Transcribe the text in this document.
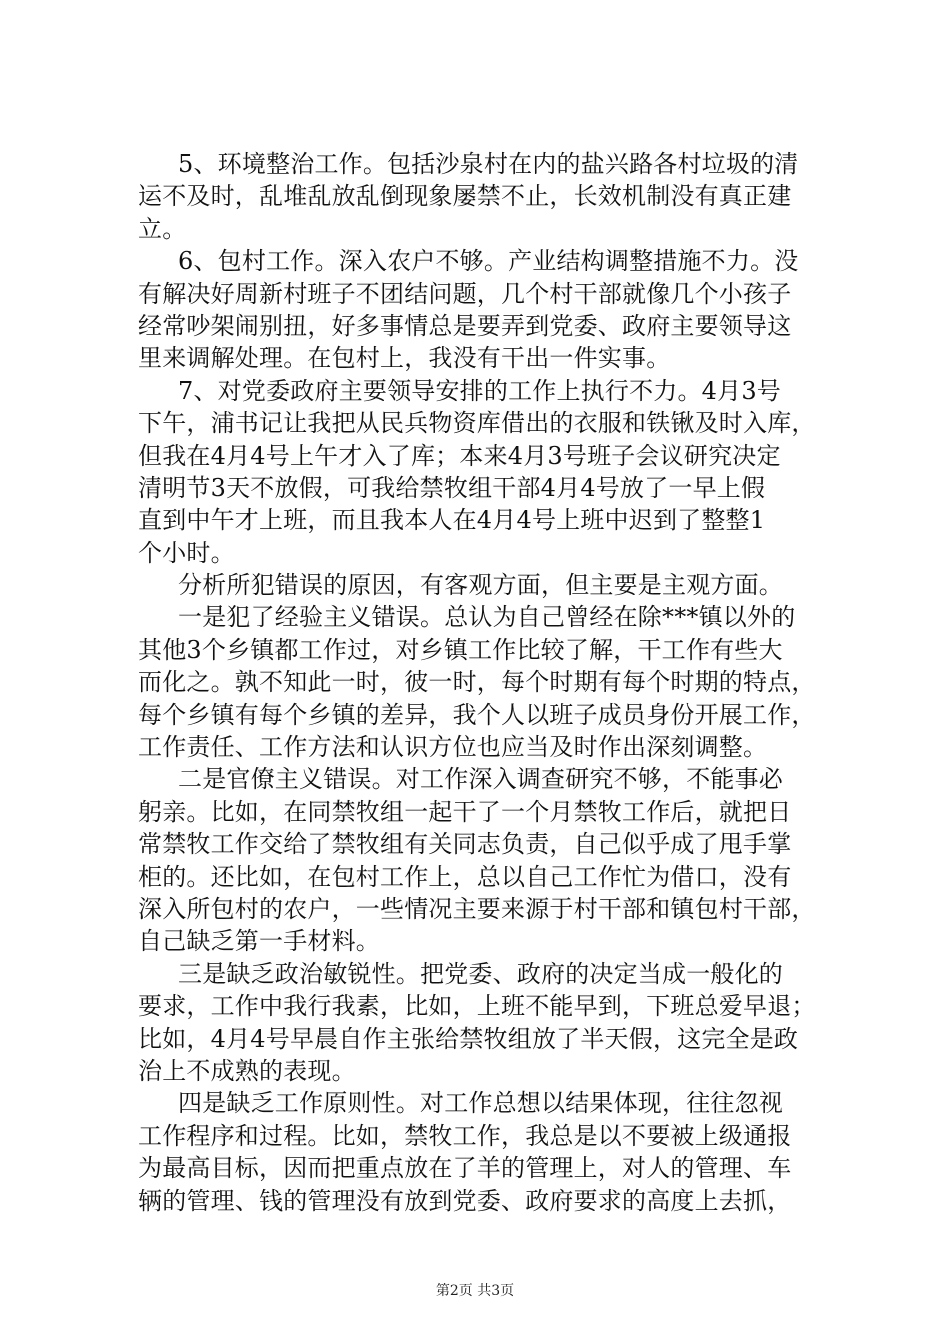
5、环境整治工作。包括沙泉村在内的盐兴路各村垃圾的清
运不及时，乱堆乱放乱倒现象屡禁不止，长效机制没有真正建
立。
6、包村工作。深入农户不够。产业结构调整措施不力。没
有解决好周新村班子不团结问题，几个村干部就像几个小孩子
经常吵架闹别扭，好多事情总是要弄到党委、政府主要领导这
里来调解处理。在包村上，我没有干出一件实事。
7、对党委政府主要领导安排的工作上执行不力。4月3号
下午，浦书记让我把从民兵物资库借出的衣服和铁锹及时入库，
但我在4月4号上午才入了库；本来4月3号班子会议研究决定
清明节3天不放假，可我给禁牧组干部4月4号放了一早上假
直到中午才上班，而且我本人在4月4号上班中迟到了整整1
个小时。
分析所犯错误的原因，有客观方面，但主要是主观方面。
一是犯了经验主义错误。总认为自己曾经在除***镇以外的
其他3个乡镇都工作过，对乡镇工作比较了解，干工作有些大
而化之。孰不知此一时，彼一时，每个时期有每个时期的特点，
每个乡镇有每个乡镇的差异，我个人以班子成员身份开展工作，
工作责任、工作方法和认识方位也应当及时作出深刻调整。
二是官僚主义错误。对工作深入调查研究不够，不能事必
躬亲。比如，在同禁牧组一起干了一个月禁牧工作后，就把日
常禁牧工作交给了禁牧组有关同志负责，自己似乎成了甩手掌
柜的。还比如，在包村工作上，总以自己工作忙为借口，没有
深入所包村的农户，一些情况主要来源于村干部和镇包村干部，
自己缺乏第一手材料。
三是缺乏政治敏锐性。把党委、政府的决定当成一般化的
要求，工作中我行我素，比如，上班不能早到，下班总爱早退；
比如，4月4号早晨自作主张给禁牧组放了半天假，这完全是政
治上不成熟的表现。
四是缺乏工作原则性。对工作总想以结果体现，往往忽视
工作程序和过程。比如，禁牧工作，我总是以不要被上级通报
为最高目标，因而把重点放在了羊的管理上，对人的管理、车
辆的管理、钱的管理没有放到党委、政府要求的高度上去抓，
第2页 共3页
